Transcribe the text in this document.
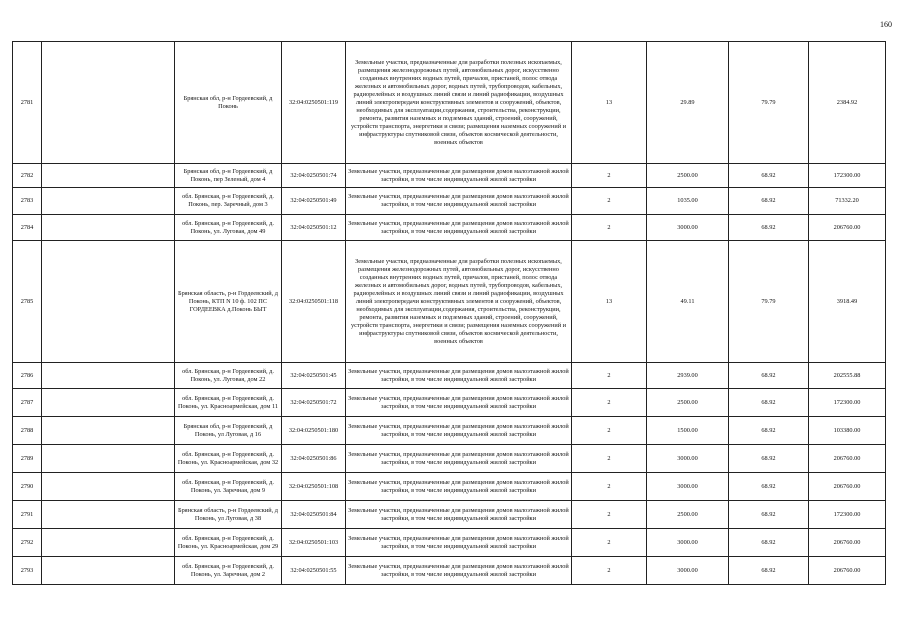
160
2781		Брянская обл, р-н Гордеевский, д Поконь	32:04:0250501:119	Земельные участки, предназначенные для разработки полезных ископаемых, размещения железнодорожных путей, автомобильных дорог, искусственно созданных внутренних водных путей, причалов, пристаней, полос отвода железных и автомобильных дорог, водных путей, трубопроводов, кабельных, радиорелейных и воздушных линий связи и линий радиофикации, воздушных линий электропередачи конструктивных элементов и сооружений, объектов, необходимых для эксплуатации,содержания, строительства, реконструкции, ремонта, развития наземных и подземных зданий, строений, сооружений, устройств транспорта, энергетики и связи; размещения наземных сооружений и инфраструктуры спутниковой связи, объектов космической деятельности, военных объектов	13	29.89	79.79	2384.92
2782		Брянская обл, р-н Гордеевский, д Поконь, пер Зеленый, дом 4	32:04:0250501:74	Земельные участки, предназначенные для размещения домов малоэтажной жилой застройки, в том числе индивидуальной жилой застройки	2	2500.00	68.92	172300.00
2783		обл. Брянская, р-н Гордеевский, д. Поконь, пер. Заречный, дом 3	32:04:0250501:49	Земельные участки, предназначенные для размещения домов малоэтажной жилой застройки, в том числе индивидуальной жилой застройки	2	1035.00	68.92	71332.20
2784		обл. Брянская, р-н Гордеевский, д. Поконь, ул. Луговая, дом 49	32:04:0250501:12	Земельные участки, предназначенные для размещения домов малоэтажной жилой застройки, в том числе индивидуальной жилой застройки	2	3000.00	68.92	206760.00
2785		Брянская область, р-н Гордеевский, д Поконь, КТП N 10 ф. 102 ПС ГОРДЕЕВКА д.Поконь БЫТ	32:04:0250501:118	Земельные участки, предназначенные для разработки полезных ископаемых, размещения железнодорожных путей, автомобильных дорог, искусственно созданных внутренних водных путей, причалов, пристаней, полос отвода железных и автомобильных дорог, водных путей, трубопроводов, кабельных, радиорелейных и воздушных линий связи и линий радиофикации, воздушных линий электропередачи конструктивных элементов и сооружений, объектов, необходимых для эксплуатации,содержания, строительства, реконструкции, ремонта, развития наземных и подземных зданий, строений, сооружений, устройств транспорта, энергетики и связи; размещения наземных сооружений и инфраструктуры спутниковой связи, объектов космической деятельности, военных объектов	13	49.11	79.79	3918.49
2786		обл. Брянская, р-н Гордеевский, д. Поконь, ул. Луговая, дом 22	32:04:0250501:45	Земельные участки, предназначенные для размещения домов малоэтажной жилой застройки, в том числе индивидуальной жилой застройки	2	2939.00	68.92	202555.88
2787		обл. Брянская, р-н Гордеевский, д. Поконь, ул. Красноармейская, дом 11	32:04:0250501:72	Земельные участки, предназначенные для размещения домов малоэтажной жилой застройки, в том числе индивидуальной жилой застройки	2	2500.00	68.92	172300.00
2788		Брянская обл, р-н Гордеевский, д Поконь, ул Луговая, д 16	32:04:0250501:180	Земельные участки, предназначенные для размещения домов малоэтажной жилой застройки, в том числе индивидуальной жилой застройки	2	1500.00	68.92	103380.00
2789		обл. Брянская, р-н Гордеевский, д. Поконь, ул. Красноармейская, дом 32	32:04:0250501:86	Земельные участки, предназначенные для размещения домов малоэтажной жилой застройки, в том числе индивидуальной жилой застройки	2	3000.00	68.92	206760.00
2790		обл. Брянская, р-н Гордеевский, д. Поконь, ул. Заречная, дом 9	32:04:0250501:108	Земельные участки, предназначенные для размещения домов малоэтажной жилой застройки, в том числе индивидуальной жилой застройки	2	3000.00	68.92	206760.00
2791		Брянская область, р-н Гордеевский, д Поконь, ул Луговая, д 38	32:04:0250501:84	Земельные участки, предназначенные для размещения домов малоэтажной жилой застройки, в том числе индивидуальной жилой застройки	2	2500.00	68.92	172300.00
2792		обл. Брянская, р-н Гордеевский, д. Поконь, ул. Красноармейская, дом 29	32:04:0250501:103	Земельные участки, предназначенные для размещения домов малоэтажной жилой застройки, в том числе индивидуальной жилой застройки	2	3000.00	68.92	206760.00
2793		обл. Брянская, р-н Гордеевский, д. Поконь, ул. Заречная, дом 2	32:04:0250501:55	Земельные участки, предназначенные для размещения домов малоэтажной жилой застройки, в том числе индивидуальной жилой застройки	2	3000.00	68.92	206760.00
